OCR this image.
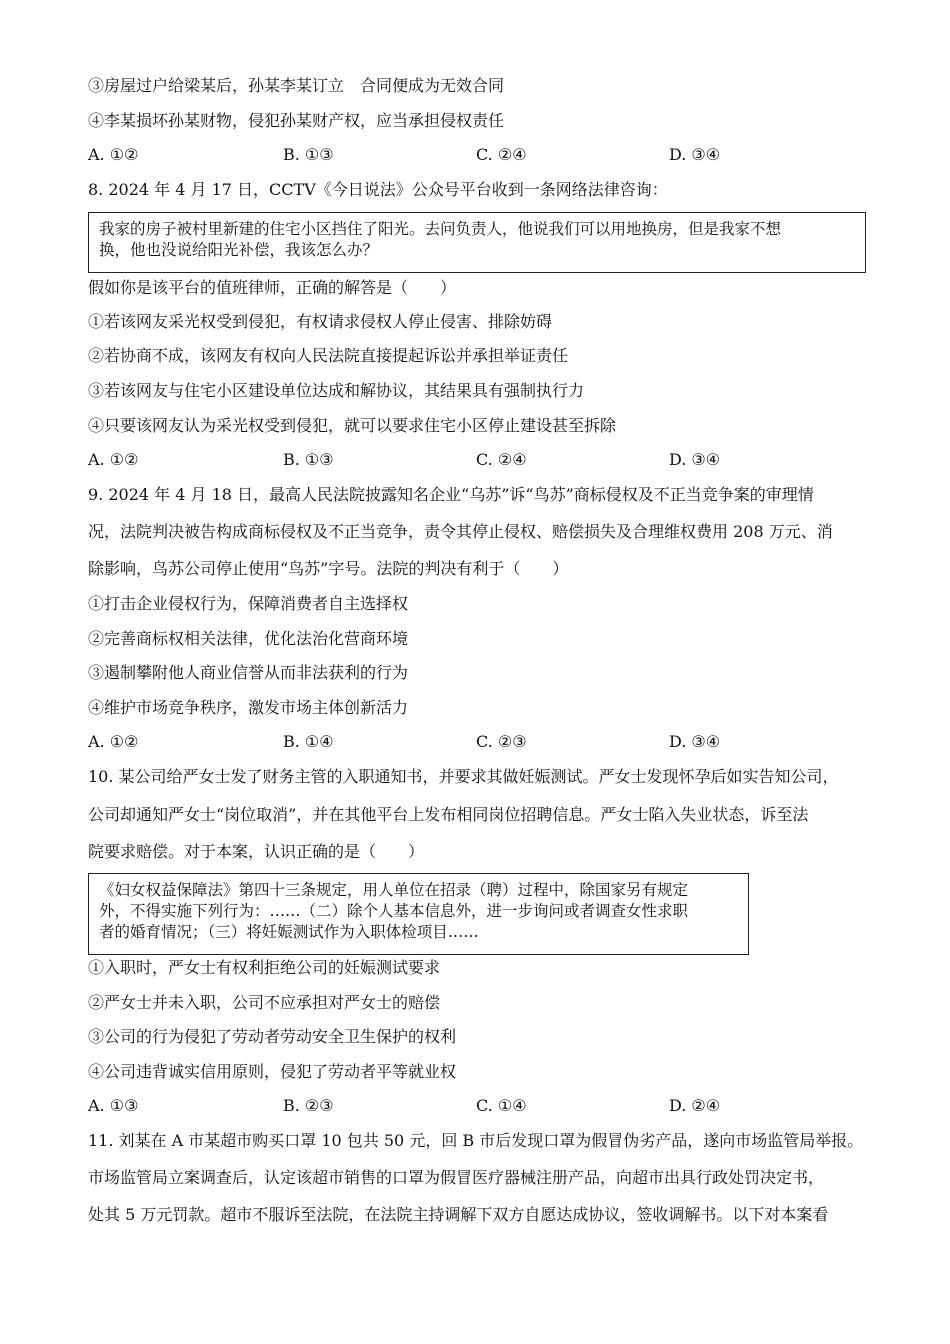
③房屋过户给梁某后，孙某李某订立　合同便成为无效合同
④李某损坏孙某财物，侵犯孙某财产权，应当承担侵权责任
A. ①②	B. ①③	C. ②④	D. ③④
8. 2024 年 4 月 17 日，CCTV《今日说法》公众号平台收到一条网络法律咨询：
我家的房子被村里新建的住宅小区挡住了阳光。去问负责人，他说我们可以用地换房，但是我家不想
换，他也没说给阳光补偿，我该怎么办？
假如你是该平台的值班律师，正确的解答是（　　）
①若该网友采光权受到侵犯，有权请求侵权人停止侵害、排除妨碍
②若协商不成，该网友有权向人民法院直接提起诉讼并承担举证责任
③若该网友与住宅小区建设单位达成和解协议，其结果具有强制执行力
④只要该网友认为采光权受到侵犯，就可以要求住宅小区停止建设甚至拆除
A. ①②	B. ①③	C. ②④	D. ③④
9. 2024 年 4 月 18 日，最高人民法院披露知名企业“乌苏”诉“鸟苏”商标侵权及不正当竞争案的审理情
况，法院判决被告构成商标侵权及不正当竞争，责令其停止侵权、赔偿损失及合理维权费用 208 万元、消
除影响，鸟苏公司停止使用“鸟苏”字号。法院的判决有利于（　　）
①打击企业侵权行为，保障消费者自主选择权
②完善商标权相关法律，优化法治化营商环境
③遏制攀附他人商业信誉从而非法获利的行为
④维护市场竞争秩序，激发市场主体创新活力
A. ①②	B. ①④	C. ②③	D. ③④
10. 某公司给严女士发了财务主管的入职通知书，并要求其做妊娠测试。严女士发现怀孕后如实告知公司，
公司却通知严女士“岗位取消”，并在其他平台上发布相同岗位招聘信息。严女士陷入失业状态，诉至法
院要求赔偿。对于本案，认识正确的是（　　）
《妇女权益保障法》第四十三条规定，用人单位在招录（聘）过程中，除国家另有规定
外，不得实施下列行为：……（二）除个人基本信息外，进一步询问或者调查女性求职
者的婚育情况；（三）将妊娠测试作为入职体检项目……
①入职时，严女士有权利拒绝公司的妊娠测试要求
②严女士并未入职，公司不应承担对严女士的赔偿
③公司的行为侵犯了劳动者劳动安全卫生保护的权利
④公司违背诚实信用原则，侵犯了劳动者平等就业权
A. ①③	B. ②③	C. ①④	D. ②④
11. 刘某在 A 市某超市购买口罩 10 包共 50 元，回 B 市后发现口罩为假冒伪劣产品，遂向市场监管局举报。
市场监管局立案调查后，认定该超市销售的口罩为假冒医疗器械注册产品，向超市出具行政处罚决定书，
处其 5 万元罚款。超市不服诉至法院，在法院主持调解下双方自愿达成协议，签收调解书。以下对本案看
